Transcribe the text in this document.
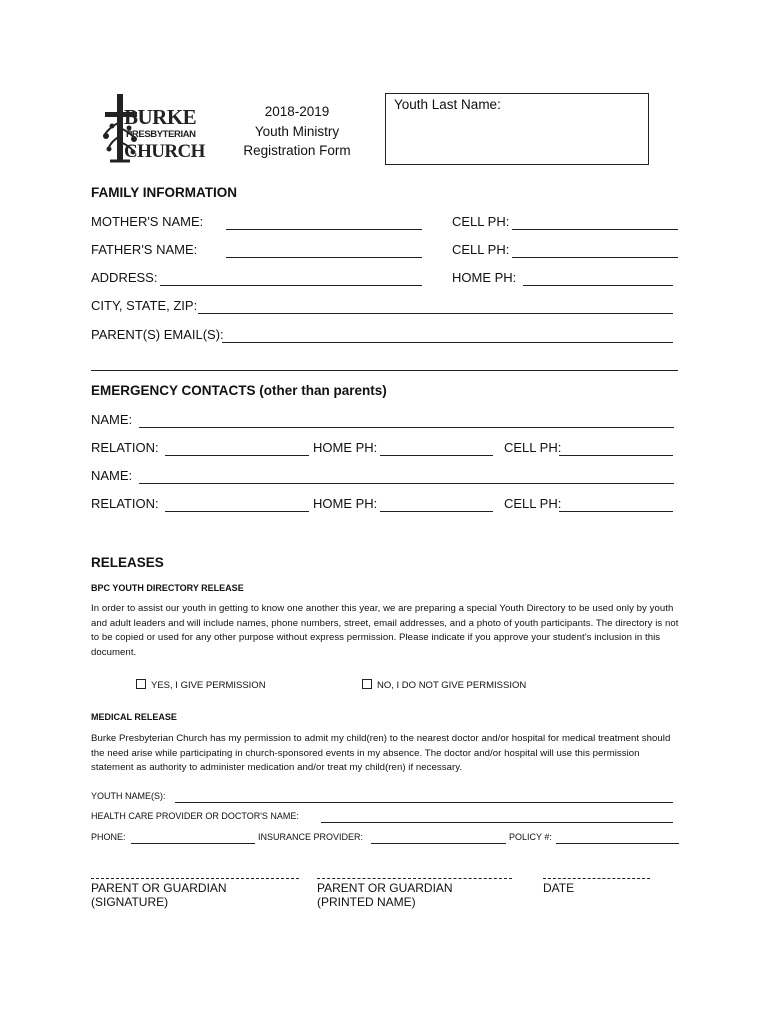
BURKE
PRESBYTERIAN
CHURCH
2018-2019
Youth Ministry
Registration Form
Youth Last Name:
FAMILY INFORMATION
MOTHER'S NAME:	CELL PH:
FATHER'S NAME:	CELL PH:
ADDRESS:	HOME PH:
CITY, STATE, ZIP:
PARENT(S) EMAIL(S):
EMERGENCY CONTACTS (other than parents)
NAME:
RELATION:	HOME PH:	CELL PH:
NAME:
RELATION:	HOME PH:	CELL PH:
RELEASES
BPC YOUTH DIRECTORY RELEASE
In order to assist our youth in getting to know one another this year, we are preparing a special Youth Directory to be used only by youth and adult leaders and will include names, phone numbers, street, email addresses, and a photo of youth participants. The directory is not to be copied or used for any other purpose without express permission. Please indicate if you approve your student’s inclusion in this document.
YES, I GIVE PERMISSION	NO, I DO NOT GIVE PERMISSION
MEDICAL RELEASE
Burke Presbyterian Church has my permission to admit my child(ren) to the nearest doctor and/or hospital for medical treatment should the need arise while participating in church-sponsored events in my absence. The doctor and/or hospital will use this permission statement as authority to administer medication and/or treat my child(ren) if necessary.
YOUTH NAME(S):
HEALTH CARE PROVIDER OR DOCTOR'S NAME:
PHONE:	INSURANCE PROVIDER:	POLICY #:
PARENT OR GUARDIAN
(SIGNATURE)
PARENT OR GUARDIAN
(PRINTED NAME)
DATE
